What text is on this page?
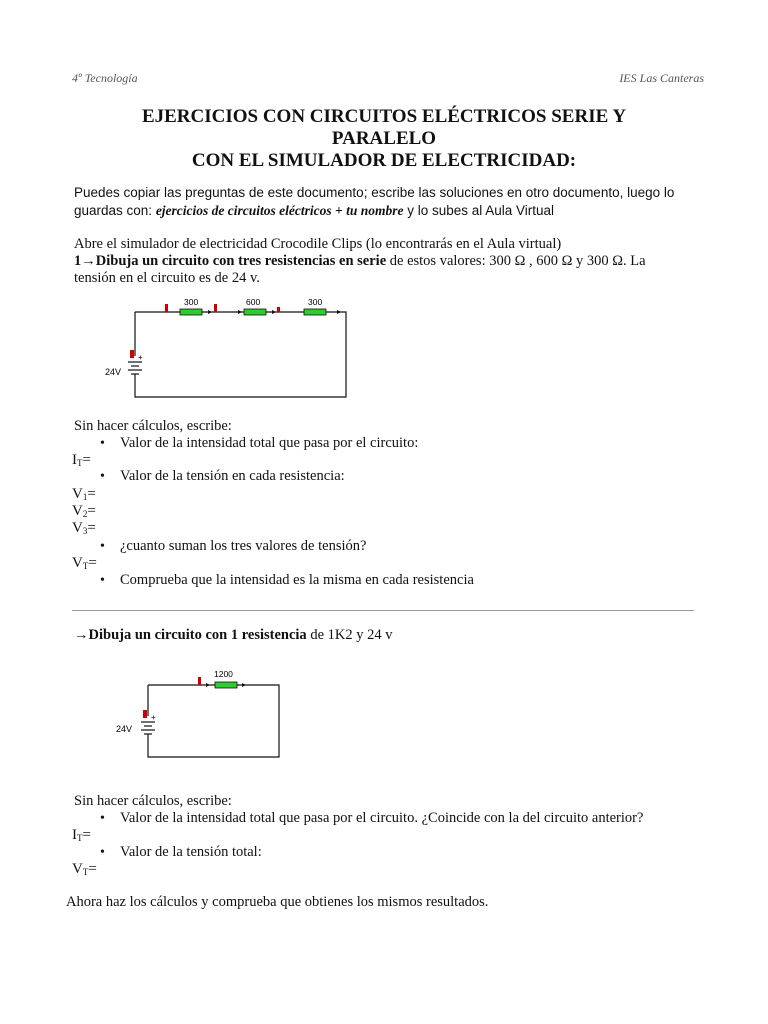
4º Tecnología	IES Las Canteras
EJERCICIOS CON CIRCUITOS ELÉCTRICOS SERIE Y
PARALELO
CON EL SIMULADOR DE ELECTRICIDAD:
Puedes copiar las preguntas de este documento; escribe las soluciones en otro documento, luego lo
guardas con: ejercicios de circuitos eléctricos + tu nombre y lo subes al Aula Virtual
Abre el simulador de electricidad Crocodile Clips (lo encontrarás en el Aula virtual)
1→Dibuja un circuito con tres resistencias en serie de estos valores: 300 Ω , 600 Ω y 300 Ω. La
tensión en el circuito es de 24 v.
300	600	300
+
24V
Sin hacer cálculos, escribe:
• Valor de la intensidad total que pasa por el circuito:
$I_T=$
• Valor de la tensión en cada resistencia:
$V_1=$
$V_2=$
$V_3=$
• ¿cuanto suman los tres valores de tensión?
$V_T=$
• Comprueba que la intensidad es la misma en cada resistencia
→Dibuja un circuito con 1 resistencia de 1K2 y 24 v
1200
+
24V
Sin hacer cálculos, escribe:
• Valor de la intensidad total que pasa por el circuito. ¿Coincide con la del circuito anterior?
$I_T=$
• Valor de la tensión total:
$V_T=$
Ahora haz los cálculos y comprueba que obtienes los mismos resultados.
